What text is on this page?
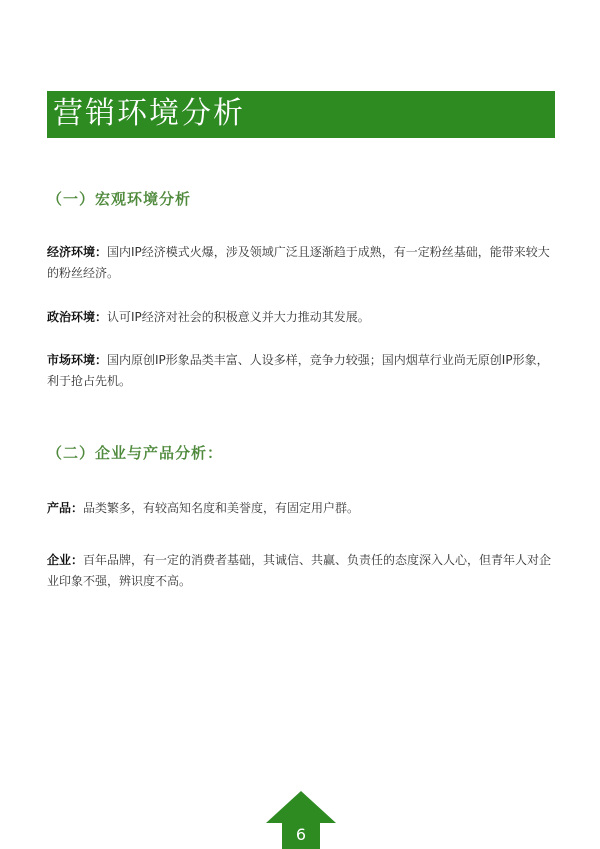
营销环境分析
（一）宏观环境分析

经济环境：国内IP经济模式火爆，涉及领域广泛且逐渐趋于成熟，有一定粉丝基础，能带来较大的粉丝经济。

政治环境：认可IP经济对社会的积极意义并大力推动其发展。

市场环境：国内原创IP形象品类丰富、人设多样，竞争力较强；国内烟草行业尚无原创IP形象，利于抢占先机。

（二）企业与产品分析：

产品：品类繁多，有较高知名度和美誉度，有固定用户群。

企业：百年品牌，有一定的消费者基础，其诚信、共赢、负责任的态度深入人心，但青年人对企业印象不强，辨识度不高。

6
